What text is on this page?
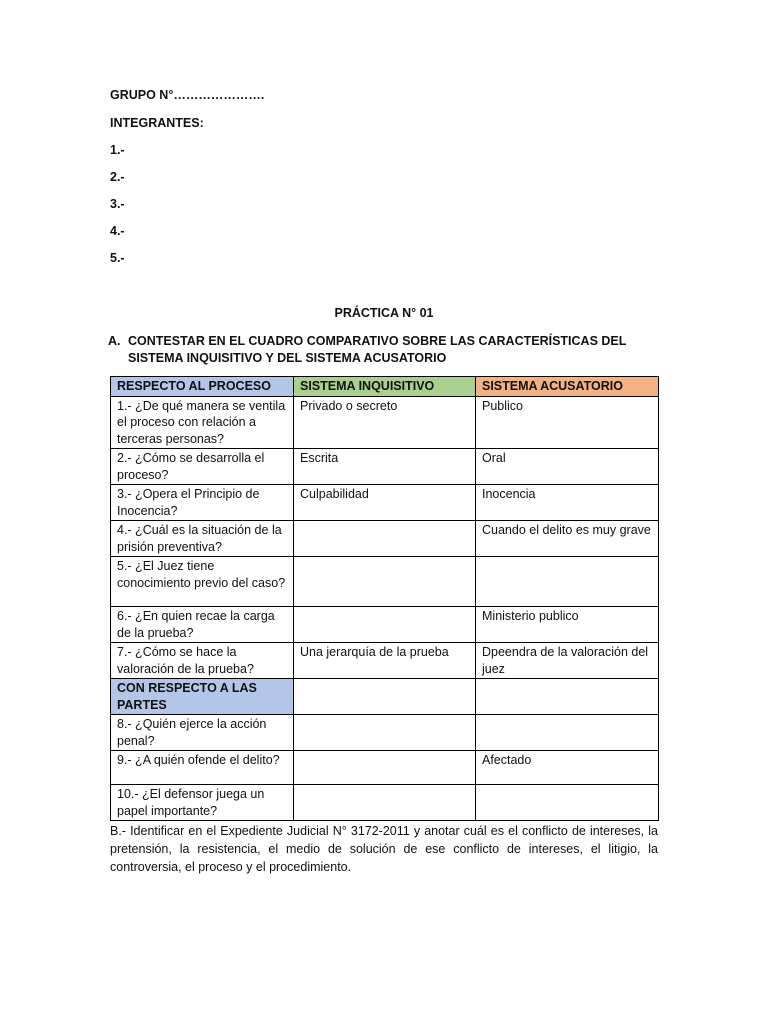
GRUPO N°………………….
INTEGRANTES:
1.-
2.-
3.-
4.-
5.-
PRÁCTICA N° 01
A. CONTESTAR EN EL CUADRO COMPARATIVO SOBRE LAS CARACTERÍSTICAS DEL SISTEMA INQUISITIVO Y DEL SISTEMA ACUSATORIO
RESPECTO AL PROCESO	SISTEMA INQUISITIVO	SISTEMA ACUSATORIO
1.- ¿De qué manera se ventila el proceso con relación a terceras personas?	Privado o secreto	Publico
2.- ¿Cómo se desarrolla el proceso?	Escrita	Oral
3.- ¿Opera el Principio de Inocencia?	Culpabilidad	Inocencia
4.- ¿Cuál es la situación de la prisión preventiva?		Cuando el delito es muy grave
5.- ¿El Juez tiene conocimiento previo del caso?		
6.- ¿En quien recae la carga de la prueba?		Ministerio publico
7.- ¿Cómo se hace la valoración de la prueba?	Una jerarquía de la prueba	Dpeendra de la valoración del juez
CON RESPECTO A LAS PARTES		
8.- ¿Quién ejerce la acción penal?		
9.- ¿A quién ofende el delito?		Afectado
10.- ¿El defensor juega un papel importante?		
B.- Identificar en el Expediente Judicial N° 3172-2011 y anotar cuál es el conflicto de intereses, la pretensión, la resistencia, el medio de solución de ese conflicto de intereses, el litigio, la controversia, el proceso y el procedimiento.
